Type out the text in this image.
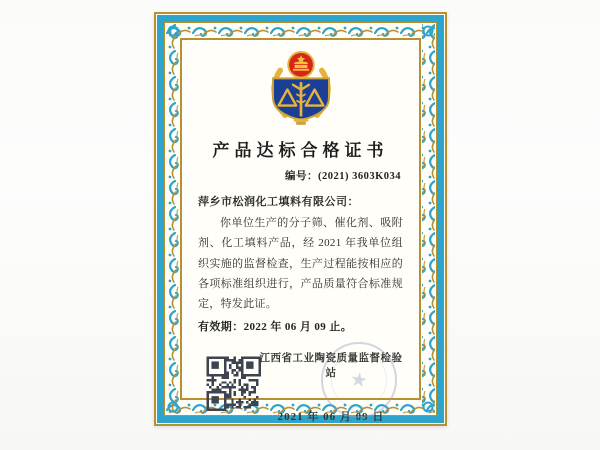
产品达标合格证书
编号：(2021) 3603K034
萍乡市松润化工填料有限公司：
你单位生产的分子筛、催化剂、吸附剂、化工填料产品，经 2021 年我单位组织实施的监督检查，生产过程能按相应的各项标准组织进行，产品质量符合标准规定，特发此证。
有效期：2022 年 06 月 09 止。
江西省工业陶瓷质量监督检验站
2021 年 06 月 09 日
★
